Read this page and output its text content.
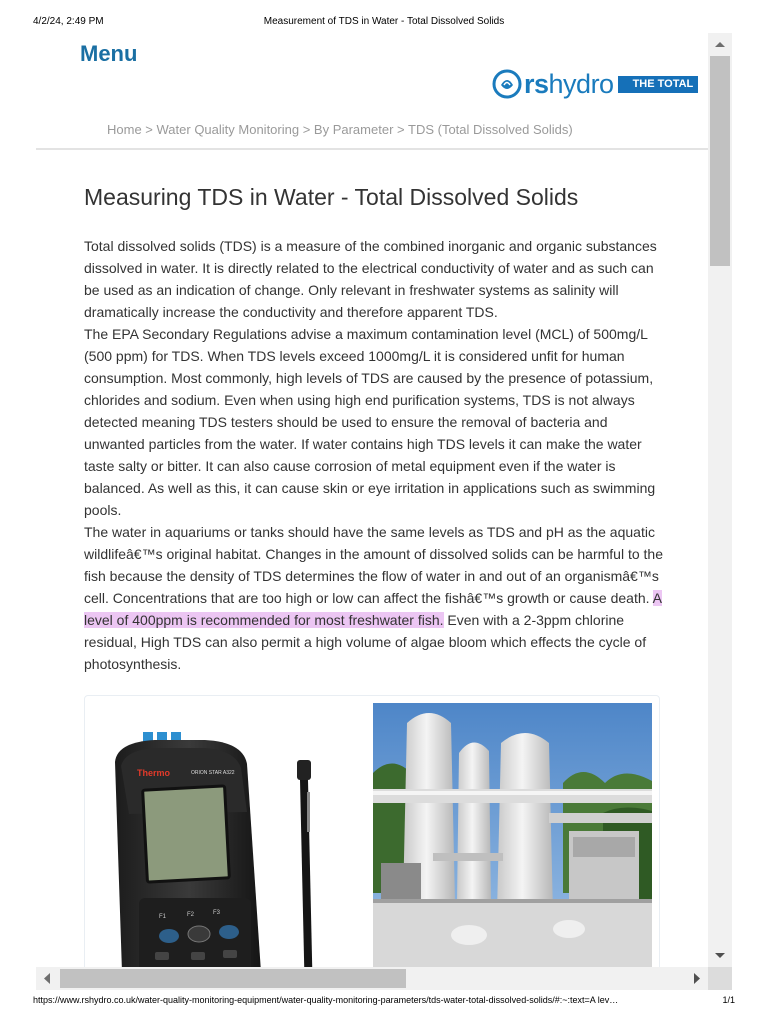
4/2/24, 2:49 PM	Measurement of TDS in Water - Total Dissolved Solids
Menu
rshydro	THE TOTAL
Home > Water Quality Monitoring > By Parameter > TDS (Total Dissolved Solids)
Measuring TDS in Water - Total Dissolved Solids

Total dissolved solids (TDS) is a measure of the combined inorganic and organic substances dissolved in water. It is directly related to the electrical conductivity of water and as such can be used as an indication of change. Only relevant in freshwater systems as salinity will dramatically increase the conductivity and therefore apparent TDS.

The EPA Secondary Regulations advise a maximum contamination level (MCL) of 500mg/L (500 ppm) for TDS. When TDS levels exceed 1000mg/L it is considered unfit for human consumption. Most commonly, high levels of TDS are caused by the presence of potassium, chlorides and sodium. Even when using high end purification systems, TDS is not always detected meaning TDS testers should be used to ensure the removal of bacteria and unwanted particles from the water. If water contains high TDS levels it can make the water taste salty or bitter. It can also cause corrosion of metal equipment even if the water is balanced. As well as this, it can cause skin or eye irritation in applications such as swimming pools.

The water in aquariums or tanks should have the same levels as TDS and pH as the aquatic wildlifeâ€™s original habitat. Changes in the amount of dissolved solids can be harmful to the fish because the density of TDS determines the flow of water in and out of an organismâ€™s cell. Concentrations that are too high or low can affect the fishâ€™s growth or cause death. A level of 400ppm is recommended for most freshwater fish. Even with a 2-3ppm chlorine residual, High TDS can also permit a high volume of algae bloom which effects the cycle of photosynthesis.

Thermo	ORION STAR A322
F1	F2	F3
https://www.rshydro.co.uk/water-quality-monitoring-equipment/water-quality-monitoring-parameters/tds-water-total-dissolved-solids/#:~:text=A lev…	1/1
